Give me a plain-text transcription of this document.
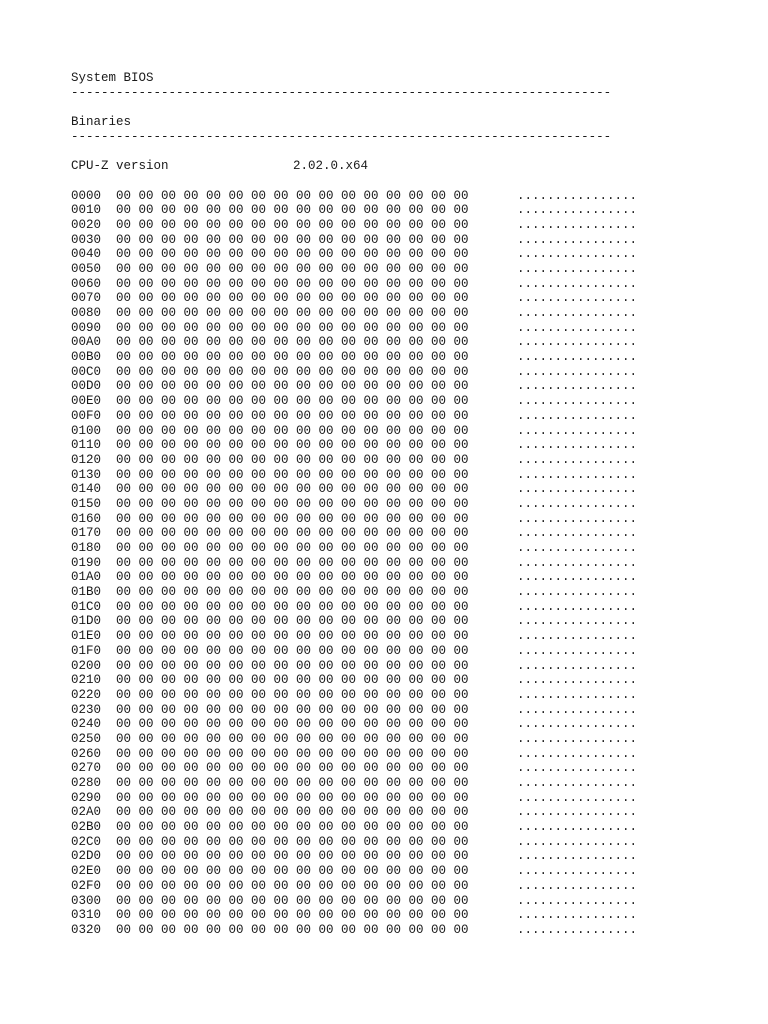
System BIOS
------------------------------------------------------------------------
Binaries
------------------------------------------------------------------------
CPU-Z version	2.02.0.x64
0000	00 00 00 00 00 00 00 00 00 00 00 00 00 00 00 00	................
0010	00 00 00 00 00 00 00 00 00 00 00 00 00 00 00 00	................
0020	00 00 00 00 00 00 00 00 00 00 00 00 00 00 00 00	................
0030	00 00 00 00 00 00 00 00 00 00 00 00 00 00 00 00	................
0040	00 00 00 00 00 00 00 00 00 00 00 00 00 00 00 00	................
0050	00 00 00 00 00 00 00 00 00 00 00 00 00 00 00 00	................
0060	00 00 00 00 00 00 00 00 00 00 00 00 00 00 00 00	................
0070	00 00 00 00 00 00 00 00 00 00 00 00 00 00 00 00	................
0080	00 00 00 00 00 00 00 00 00 00 00 00 00 00 00 00	................
0090	00 00 00 00 00 00 00 00 00 00 00 00 00 00 00 00	................
00A0	00 00 00 00 00 00 00 00 00 00 00 00 00 00 00 00	................
00B0	00 00 00 00 00 00 00 00 00 00 00 00 00 00 00 00	................
00C0	00 00 00 00 00 00 00 00 00 00 00 00 00 00 00 00	................
00D0	00 00 00 00 00 00 00 00 00 00 00 00 00 00 00 00	................
00E0	00 00 00 00 00 00 00 00 00 00 00 00 00 00 00 00	................
00F0	00 00 00 00 00 00 00 00 00 00 00 00 00 00 00 00	................
0100	00 00 00 00 00 00 00 00 00 00 00 00 00 00 00 00	................
0110	00 00 00 00 00 00 00 00 00 00 00 00 00 00 00 00	................
0120	00 00 00 00 00 00 00 00 00 00 00 00 00 00 00 00	................
0130	00 00 00 00 00 00 00 00 00 00 00 00 00 00 00 00	................
0140	00 00 00 00 00 00 00 00 00 00 00 00 00 00 00 00	................
0150	00 00 00 00 00 00 00 00 00 00 00 00 00 00 00 00	................
0160	00 00 00 00 00 00 00 00 00 00 00 00 00 00 00 00	................
0170	00 00 00 00 00 00 00 00 00 00 00 00 00 00 00 00	................
0180	00 00 00 00 00 00 00 00 00 00 00 00 00 00 00 00	................
0190	00 00 00 00 00 00 00 00 00 00 00 00 00 00 00 00	................
01A0	00 00 00 00 00 00 00 00 00 00 00 00 00 00 00 00	................
01B0	00 00 00 00 00 00 00 00 00 00 00 00 00 00 00 00	................
01C0	00 00 00 00 00 00 00 00 00 00 00 00 00 00 00 00	................
01D0	00 00 00 00 00 00 00 00 00 00 00 00 00 00 00 00	................
01E0	00 00 00 00 00 00 00 00 00 00 00 00 00 00 00 00	................
01F0	00 00 00 00 00 00 00 00 00 00 00 00 00 00 00 00	................
0200	00 00 00 00 00 00 00 00 00 00 00 00 00 00 00 00	................
0210	00 00 00 00 00 00 00 00 00 00 00 00 00 00 00 00	................
0220	00 00 00 00 00 00 00 00 00 00 00 00 00 00 00 00	................
0230	00 00 00 00 00 00 00 00 00 00 00 00 00 00 00 00	................
0240	00 00 00 00 00 00 00 00 00 00 00 00 00 00 00 00	................
0250	00 00 00 00 00 00 00 00 00 00 00 00 00 00 00 00	................
0260	00 00 00 00 00 00 00 00 00 00 00 00 00 00 00 00	................
0270	00 00 00 00 00 00 00 00 00 00 00 00 00 00 00 00	................
0280	00 00 00 00 00 00 00 00 00 00 00 00 00 00 00 00	................
0290	00 00 00 00 00 00 00 00 00 00 00 00 00 00 00 00	................
02A0	00 00 00 00 00 00 00 00 00 00 00 00 00 00 00 00	................
02B0	00 00 00 00 00 00 00 00 00 00 00 00 00 00 00 00	................
02C0	00 00 00 00 00 00 00 00 00 00 00 00 00 00 00 00	................
02D0	00 00 00 00 00 00 00 00 00 00 00 00 00 00 00 00	................
02E0	00 00 00 00 00 00 00 00 00 00 00 00 00 00 00 00	................
02F0	00 00 00 00 00 00 00 00 00 00 00 00 00 00 00 00	................
0300	00 00 00 00 00 00 00 00 00 00 00 00 00 00 00 00	................
0310	00 00 00 00 00 00 00 00 00 00 00 00 00 00 00 00	................
0320	00 00 00 00 00 00 00 00 00 00 00 00 00 00 00 00	................
